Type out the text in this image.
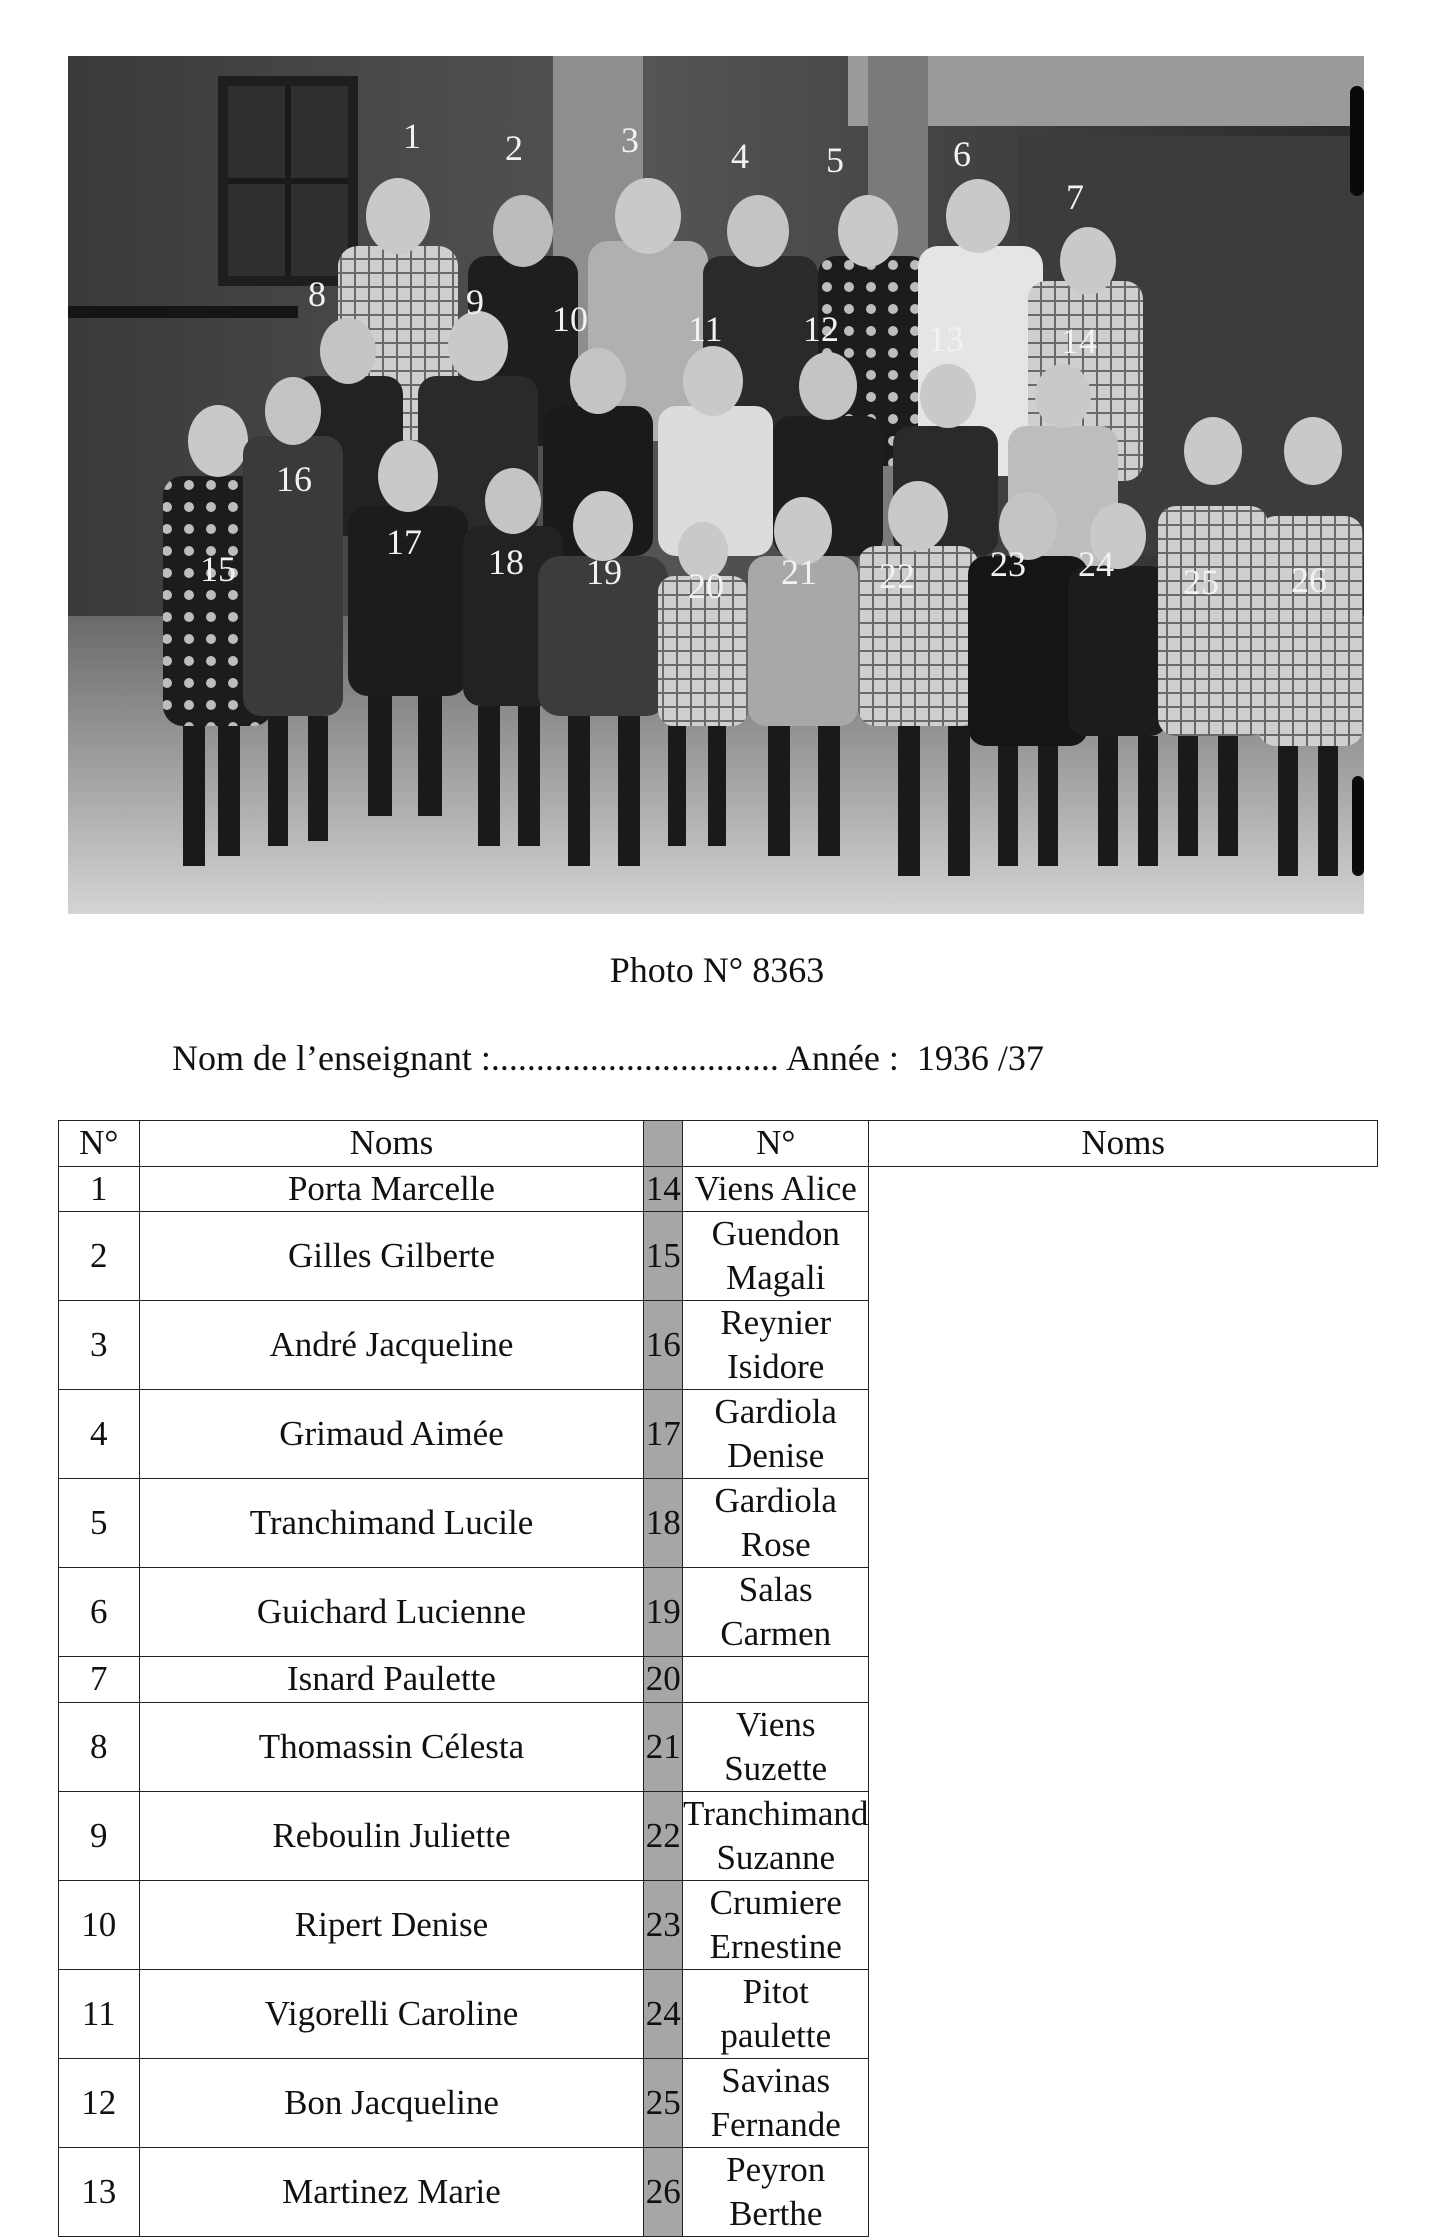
1 2	3	4 5	6
7
8	9 10	11 12 13	14
15
16
17 18 19 20 21 22 23 24 25 26
Photo N° 8363
Nom de l’enseignant :................................ Année : 1936 /37
N°	Noms		N°	Noms
1	Porta Marcelle	14	Viens Alice	
2	Gilles Gilberte	15	Guendon Magali	
3	André Jacqueline	16	Reynier Isidore	
4	Grimaud Aimée	17	Gardiola Denise	
5	Tranchimand Lucile	18	Gardiola Rose	
6	Guichard Lucienne	19	Salas Carmen	
7	Isnard Paulette	20		
8	Thomassin Célesta	21	Viens Suzette	
9	Reboulin Juliette	22	Tranchimand Suzanne	
10	Ripert Denise	23	Crumiere Ernestine	
11	Vigorelli Caroline	24	Pitot paulette	
12	Bon Jacqueline	25	Savinas Fernande	
13	Martinez Marie	26	Peyron Berthe	
